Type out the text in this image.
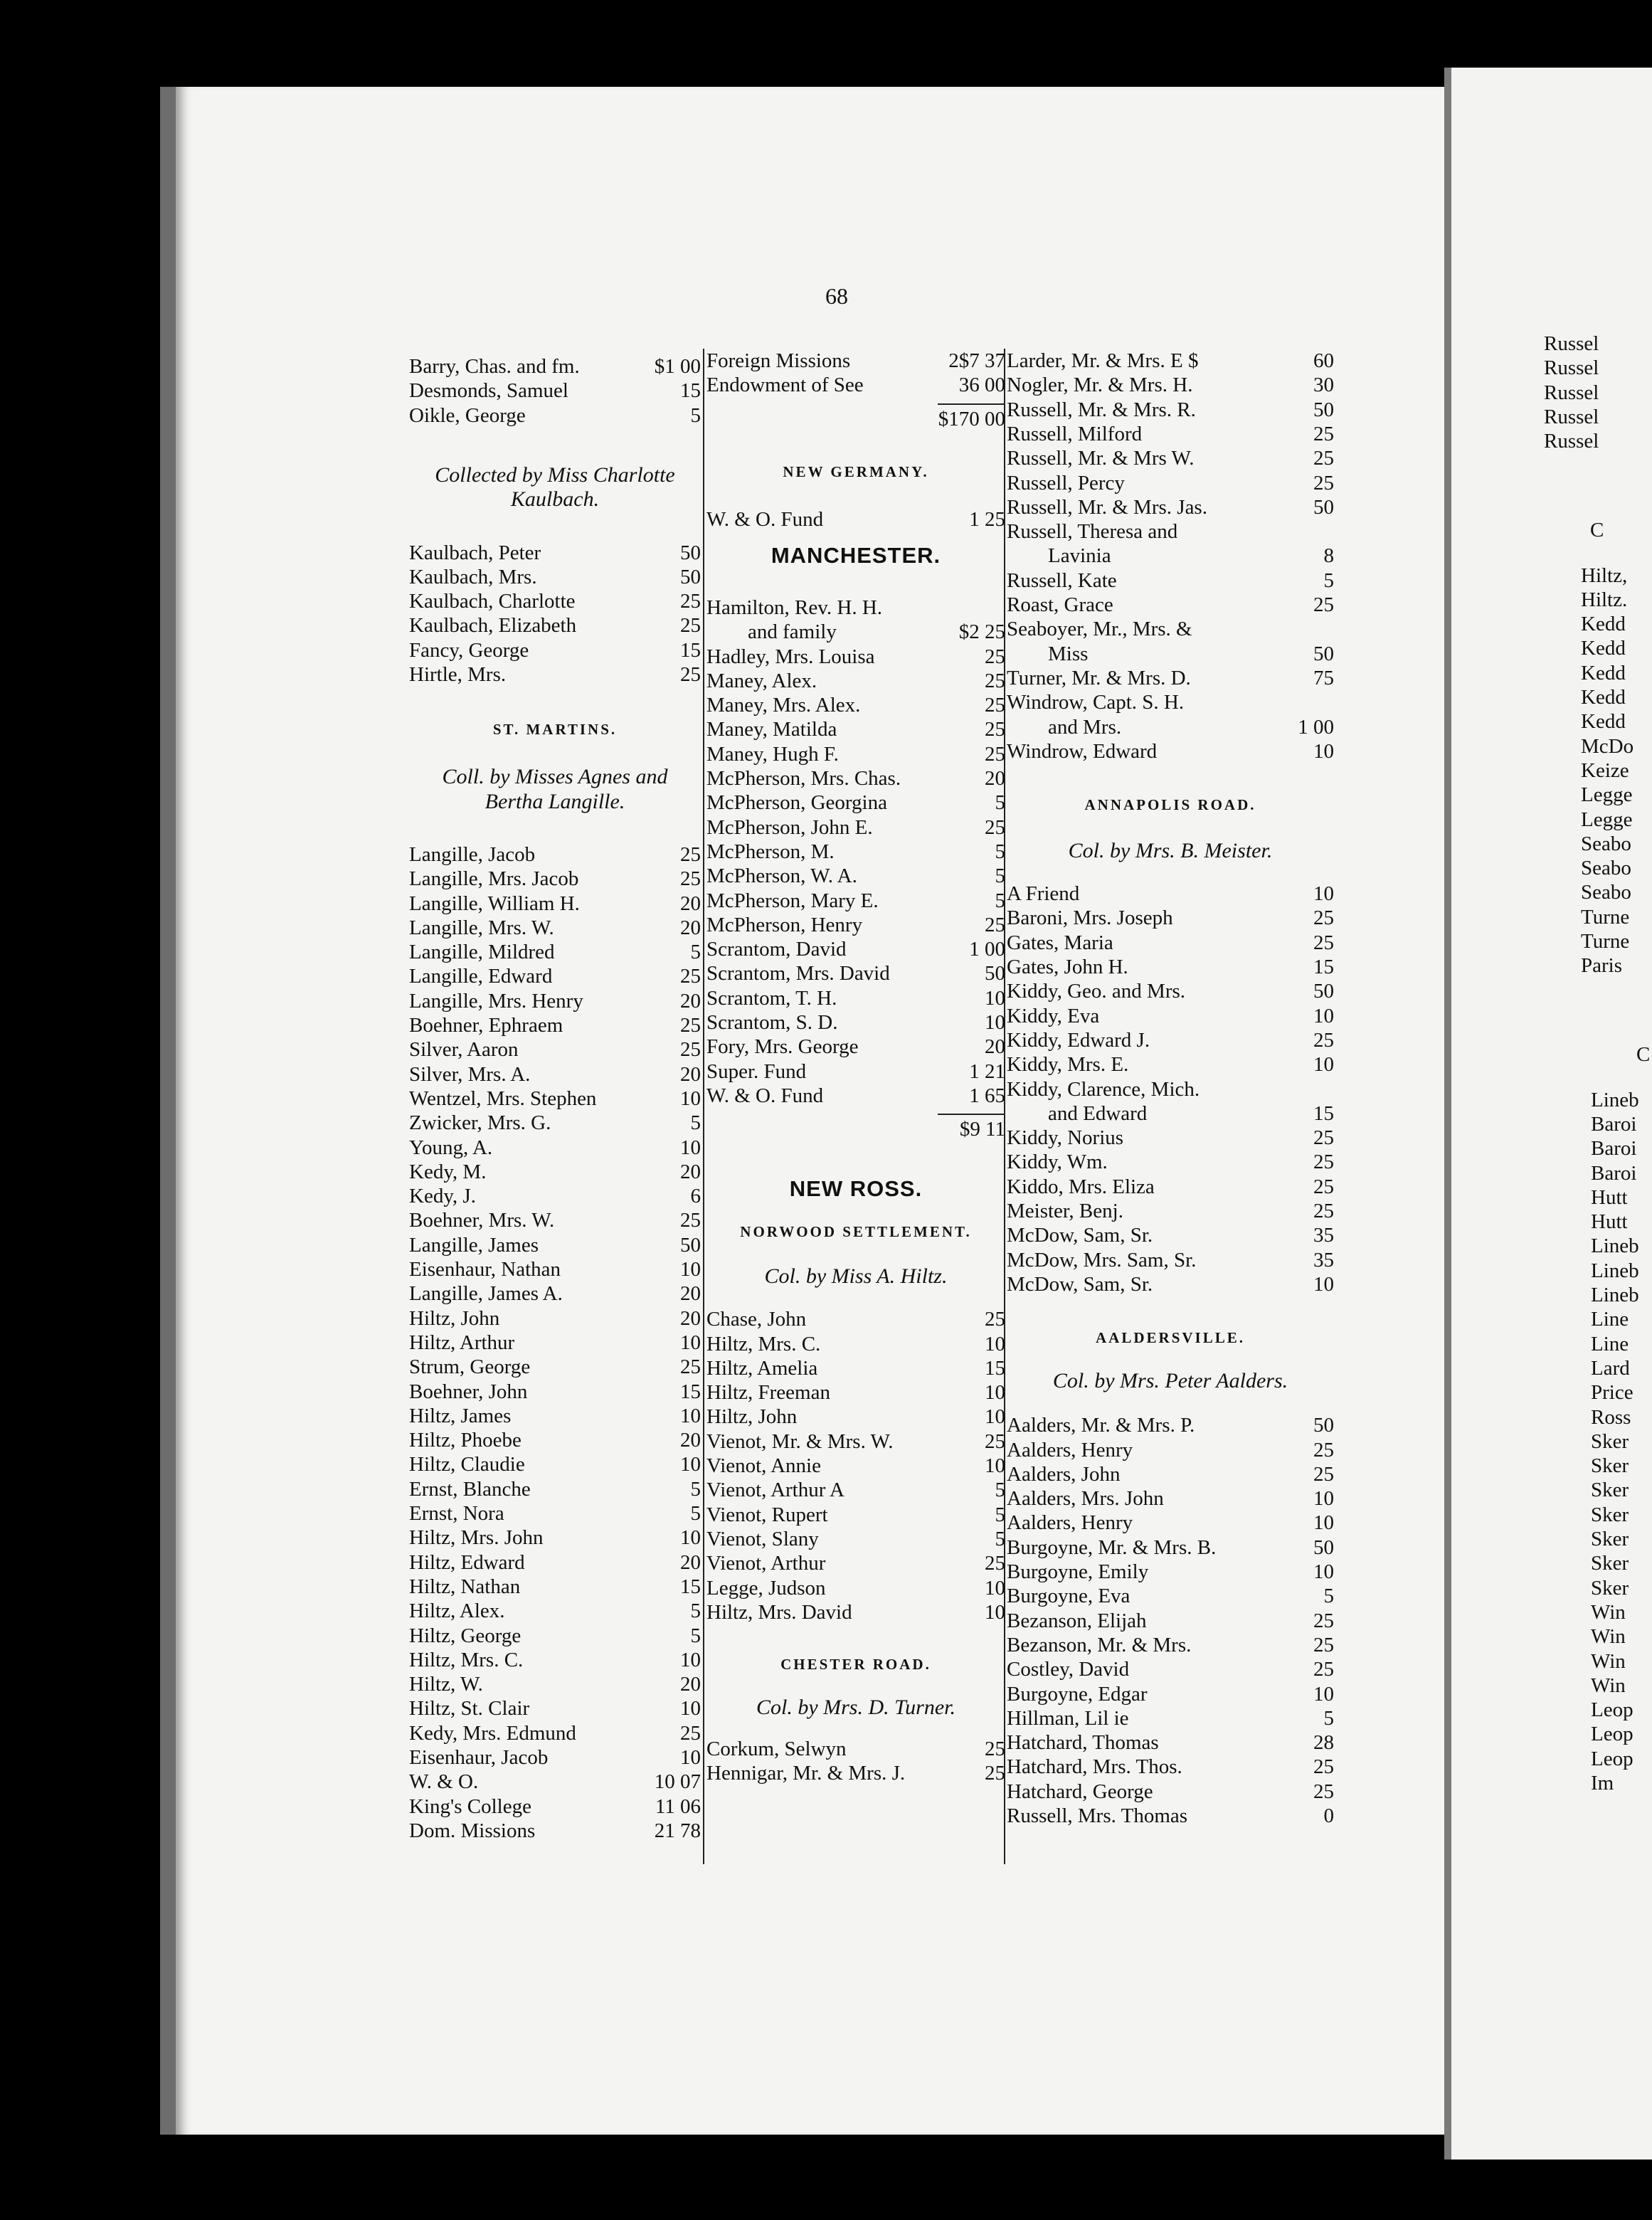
68
Barry, Chas. and fm.	$1 00
Desmonds, Samuel	15
Oikle, George	5
Collected by Miss Charlotte
Kaulbach.
Kaulbach, Peter	50
Kaulbach, Mrs.	50
Kaulbach, Charlotte	25
Kaulbach, Elizabeth	25
Fancy, George	15
Hirtle, Mrs.	25
ST. MARTINS.
Coll. by Misses Agnes and
Bertha Langille.
Langille, Jacob	25
Langille, Mrs. Jacob	25
Langille, William H.	20
Langille, Mrs. W.	20
Langille, Mildred	5
Langille, Edward	25
Langille, Mrs. Henry	20
Boehner, Ephraem	25
Silver, Aaron	25
Silver, Mrs. A.	20
Wentzel, Mrs. Stephen	10
Zwicker, Mrs. G.	5
Young, A.	10
Kedy, M.	20
Kedy, J.	6
Boehner, Mrs. W.	25
Langille, James	50
Eisenhaur, Nathan	10
Langille, James A.	20
Hiltz, John	20
Hiltz, Arthur	10
Strum, George	25
Boehner, John	15
Hiltz, James	10
Hiltz, Phoebe	20
Hiltz, Claudie	10
Ernst, Blanche	5
Ernst, Nora	5
Hiltz, Mrs. John	10
Hiltz, Edward	20
Hiltz, Nathan	15
Hiltz, Alex.	5
Hiltz, George	5
Hiltz, Mrs. C.	10
Hiltz, W.	20
Hiltz, St. Clair	10
Kedy, Mrs. Edmund	25
Eisenhaur, Jacob	10
W. & O.	10 07
King's College	11 06
Dom. Missions	21 78
Foreign Missions	2$7 37
Endowment of See	36 00
$170 00
NEW GERMANY.
W. & O. Fund	1 25
MANCHESTER.
Hamilton, Rev. H. H.
and family	$2 25
Hadley, Mrs. Louisa	25
Maney, Alex.	25
Maney, Mrs. Alex.	25
Maney, Matilda	25
Maney, Hugh F.	25
McPherson, Mrs. Chas.	20
McPherson, Georgina	5
McPherson, John E.	25
McPherson, M.	5
McPherson, W. A.	5
McPherson, Mary E.	5
McPherson, Henry	25
Scrantom, David	1 00
Scrantom, Mrs. David	50
Scrantom, T. H.	10
Scrantom, S. D.	10
Fory, Mrs. George	20
Super. Fund	1 21
W. & O. Fund	1 65
$9 11
NEW ROSS.
NORWOOD SETTLEMENT.
Col. by Miss A. Hiltz.
Chase, John	25
Hiltz, Mrs. C.	10
Hiltz, Amelia	15
Hiltz, Freeman	10
Hiltz, John	10
Vienot, Mr. & Mrs. W.	25
Vienot, Annie	10
Vienot, Arthur A	5
Vienot, Rupert	5
Vienot, Slany	5
Vienot, Arthur	25
Legge, Judson	10
Hiltz, Mrs. David	10
CHESTER ROAD.
Col. by Mrs. D. Turner.
Corkum, Selwyn	25
Hennigar, Mr. & Mrs. J.	25
Larder, Mr. & Mrs. E $	60
Nogler, Mr. & Mrs. H.	30
Russell, Mr. & Mrs. R.	50
Russell, Milford	25
Russell, Mr. & Mrs W.	25
Russell, Percy	25
Russell, Mr. & Mrs. Jas.	50
Russell, Theresa and
Lavinia	8
Russell, Kate	5
Roast, Grace	25
Seaboyer, Mr., Mrs. &
Miss	50
Turner, Mr. & Mrs. D.	75
Windrow, Capt. S. H.
and Mrs.	1 00
Windrow, Edward	10
ANNAPOLIS ROAD.
Col. by Mrs. B. Meister.
A Friend	10
Baroni, Mrs. Joseph	25
Gates, Maria	25
Gates, John H.	15
Kiddy, Geo. and Mrs.	50
Kiddy, Eva	10
Kiddy, Edward J.	25
Kiddy, Mrs. E.	10
Kiddy, Clarence, Mich.
and Edward	15
Kiddy, Norius	25
Kiddy, Wm.	25
Kiddo, Mrs. Eliza	25
Meister, Benj.	25
McDow, Sam, Sr.	35
McDow, Mrs. Sam, Sr.	35
McDow, Sam, Sr.	10
AALDERSVILLE.
Col. by Mrs. Peter Aalders.
Aalders, Mr. & Mrs. P.	50
Aalders, Henry	25
Aalders, John	25
Aalders, Mrs. John	10
Aalders, Henry	10
Burgoyne, Mr. & Mrs. B.	50
Burgoyne, Emily	10
Burgoyne, Eva	5
Bezanson, Elijah	25
Bezanson, Mr. & Mrs.	25
Costley, David	25
Burgoyne, Edgar	10
Hillman, Lil ie	5
Hatchard, Thomas	28
Hatchard, Mrs. Thos.	25
Hatchard, George	25
Russell, Mrs. Thomas	0
Russel
Russel
Russel
Russel
Russel
C
Hiltz,
Hiltz.
Kedd
Kedd
Kedd
Kedd
Kedd
McDo
Keize
Legge
Legge
Seabo
Seabo
Seabo
Turne
Turne
Paris
C
Lineb
Baroi
Baroi
Baroi
Hutt
Hutt
Lineb
Lineb
Lineb
Line
Line
Lard
Price
Ross
Sker
Sker
Sker
Sker
Sker
Sker
Sker
Win
Win
Win
Win
Leop
Leop
Leop
Im
